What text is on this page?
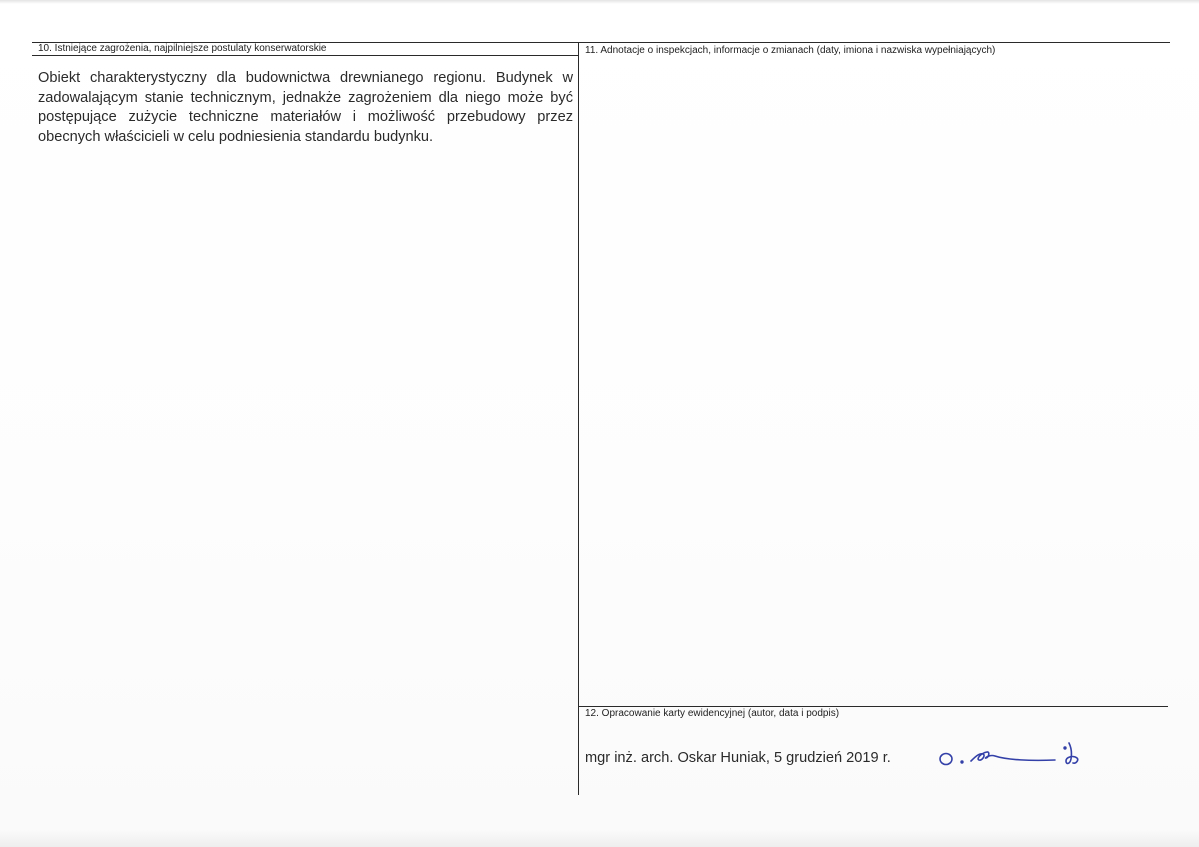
10. Istniejące zagrożenia, najpilniejsze postulaty konserwatorskie
Obiekt charakterystyczny dla budownictwa drewnianego regionu. Budynek w zadowalającym stanie technicznym, jednakże zagrożeniem dla niego może być postępujące zużycie techniczne materiałów i możliwość przebudowy przez obecnych właścicieli w celu podniesienia standardu budynku.
11. Adnotacje o inspekcjach, informacje o zmianach (daty, imiona i nazwiska wypełniających)
12. Opracowanie karty ewidencyjnej (autor, data i podpis)
mgr inż. arch. Oskar Huniak, 5 grudzień 2019 r.
